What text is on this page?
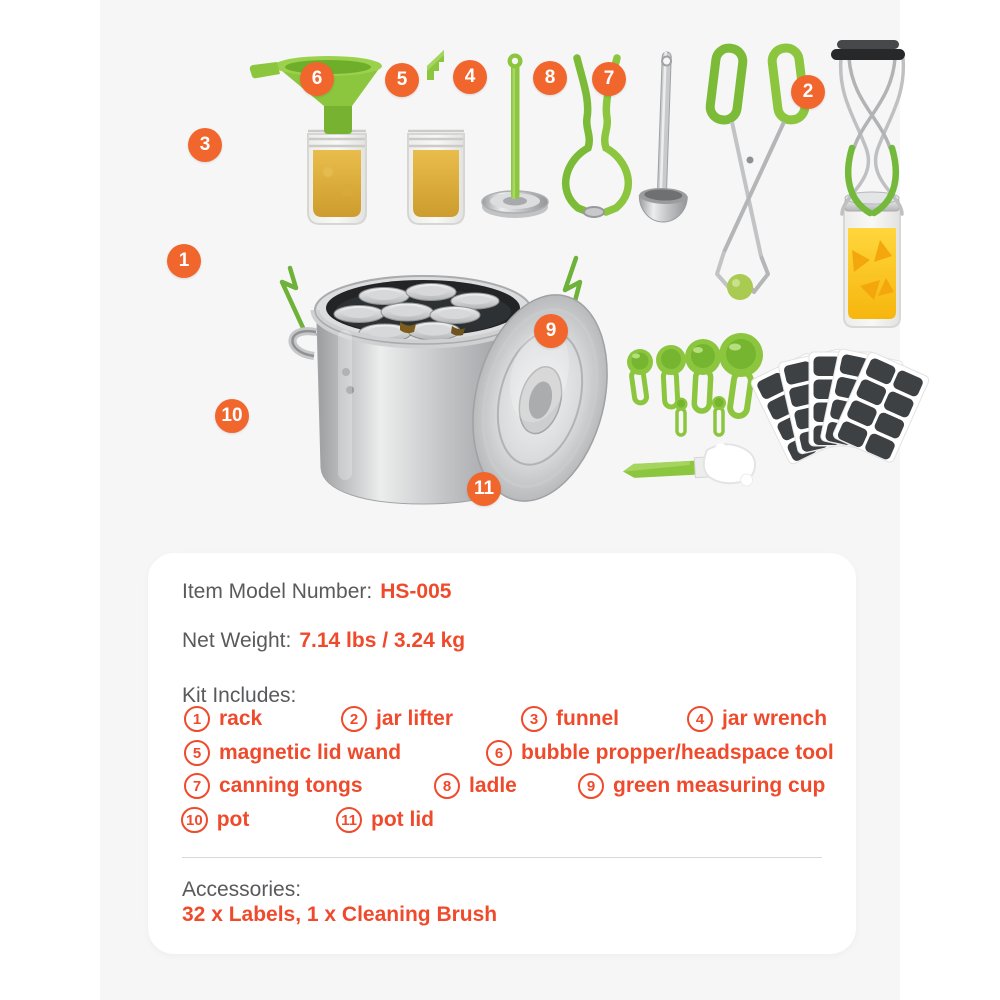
1
2
3
4
5
6	7
8
9
10
11

Item Model Number: HS-005

Net Weight: 7.14 lbs / 3.24 kg

Kit Includes:

1 rack	2 jar lifter	3 funnel	4 jar wrench
5 magnetic lid wand	6 bubble propper/headspace tool
7 canning tongs	8 ladle	9 green measuring cup
10 pot	11 pot lid

Accessories:

32 x Labels, 1 x Cleaning Brush
